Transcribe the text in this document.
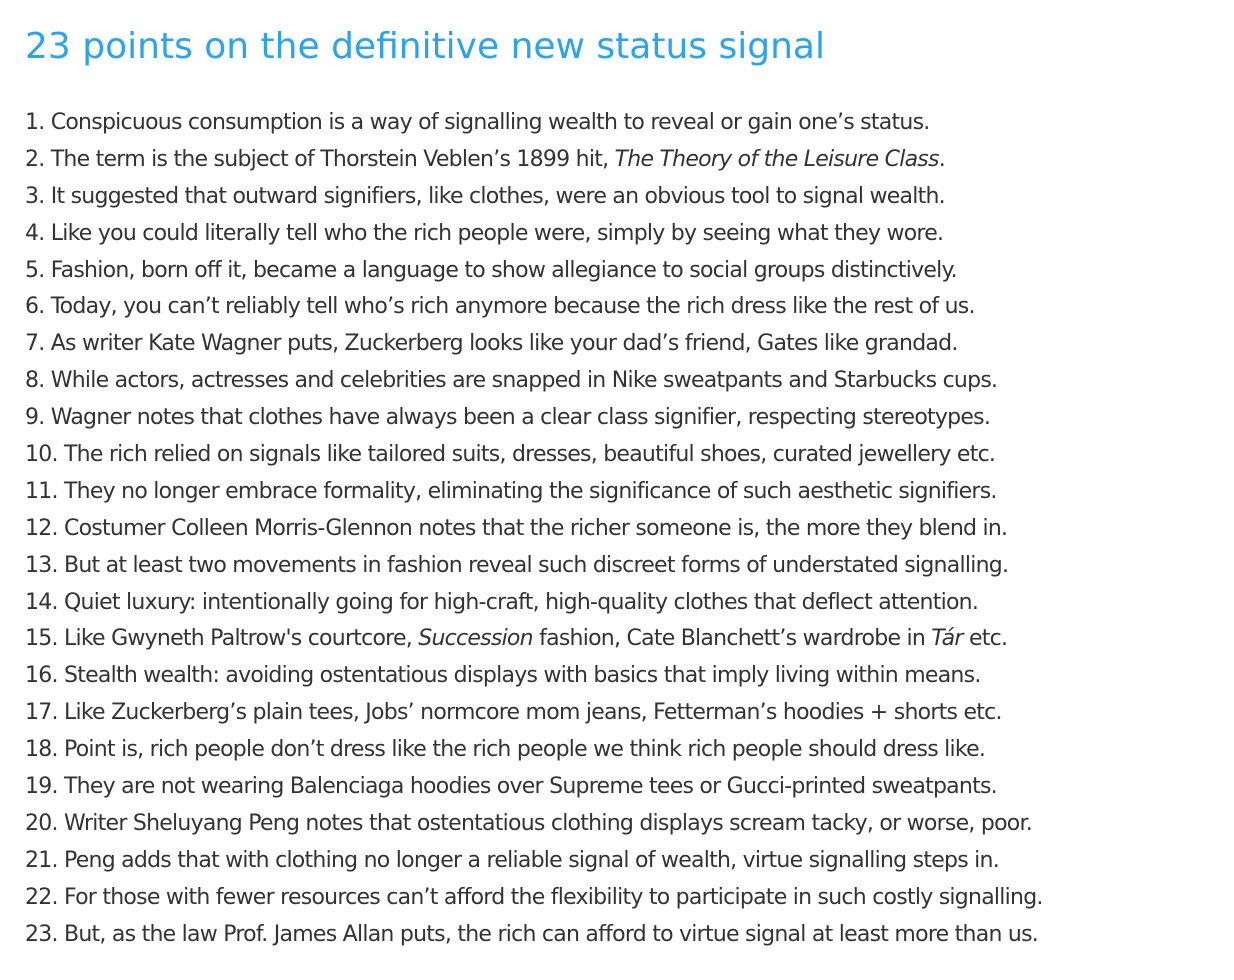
23 points on the definitive new status signal
1. Conspicuous consumption is a way of signalling wealth to reveal or gain one’s status.
2. The term is the subject of Thorstein Veblen’s 1899 hit, The Theory of the Leisure Class.
3. It suggested that outward signifiers, like clothes, were an obvious tool to signal wealth.
4. Like you could literally tell who the rich people were, simply by seeing what they wore.
5. Fashion, born off it, became a language to show allegiance to social groups distinctively.
6. Today, you can’t reliably tell who’s rich anymore because the rich dress like the rest of us.
7. As writer Kate Wagner puts, Zuckerberg looks like your dad’s friend, Gates like grandad.
8. While actors, actresses and celebrities are snapped in Nike sweatpants and Starbucks cups.
9. Wagner notes that clothes have always been a clear class signifier, respecting stereotypes.
10. The rich relied on signals like tailored suits, dresses, beautiful shoes, curated jewellery etc.
11. They no longer embrace formality, eliminating the significance of such aesthetic signifiers.
12. Costumer Colleen Morris-Glennon notes that the richer someone is, the more they blend in.
13. But at least two movements in fashion reveal such discreet forms of understated signalling.
14. Quiet luxury: intentionally going for high-craft, high-quality clothes that deflect attention.
15. Like Gwyneth Paltrow's courtcore, Succession fashion, Cate Blanchett’s wardrobe in Tár etc.
16. Stealth wealth: avoiding ostentatious displays with basics that imply living within means.
17. Like Zuckerberg’s plain tees, Jobs’ normcore mom jeans, Fetterman’s hoodies + shorts etc.
18. Point is, rich people don’t dress like the rich people we think rich people should dress like.
19. They are not wearing Balenciaga hoodies over Supreme tees or Gucci-printed sweatpants.
20. Writer Sheluyang Peng notes that ostentatious clothing displays scream tacky, or worse, poor.
21. Peng adds that with clothing no longer a reliable signal of wealth, virtue signalling steps in.
22. For those with fewer resources can’t afford the flexibility to participate in such costly signalling.
23. But, as the law Prof. James Allan puts, the rich can afford to virtue signal at least more than us.
